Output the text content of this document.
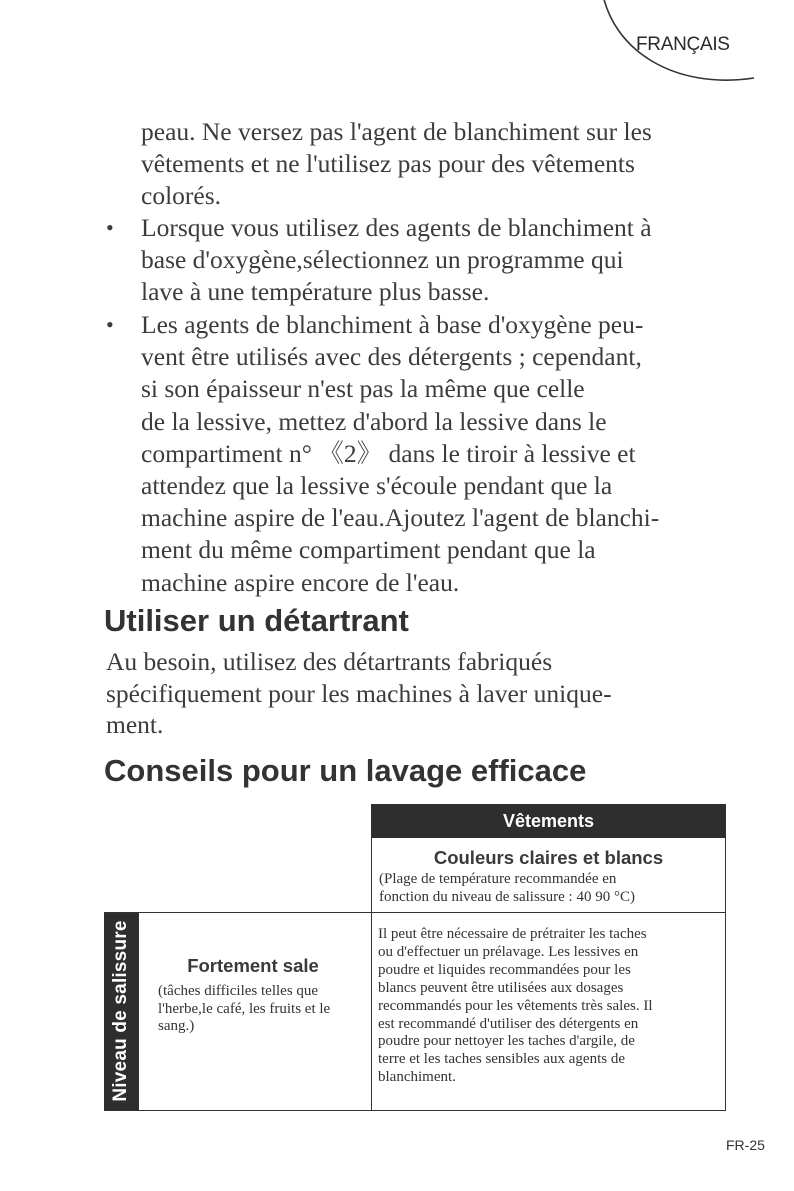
FRANÇAIS
peau. Ne versez pas l'agent de blanchiment sur les
vêtements et ne l'utilisez pas pour des vêtements
colorés.
• Lorsque vous utilisez des agents de blanchiment à
base d'oxygène,sélectionnez un programme qui
lave à une température plus basse.
• Les agents de blanchiment à base d'oxygène peu-
vent être utilisés avec des détergents ; cependant,
si son épaisseur n'est pas la même que celle
de la lessive, mettez d'abord la lessive dans le
compartiment n° 《2》 dans le tiroir à lessive et
attendez que la lessive s'écoule pendant que la
machine aspire de l'eau.Ajoutez l'agent de blanchi-
ment du même compartiment pendant que la
machine aspire encore de l'eau.
Utiliser un détartrant
Au besoin, utilisez des détartrants fabriqués
spécifiquement pour les machines à laver unique-
ment.
Conseils pour un lavage efficace
Vêtements
Couleurs claires et blancs
(Plage de température recommandée en
fonction du niveau de salissure : 40 90 °C)
Niveau de salissure	Fortement sale
(tâches difficiles telles que
l'herbe,le café, les fruits et le
sang.)
Il peut être nécessaire de prétraiter les taches
ou d'effectuer un prélavage. Les lessives en
poudre et liquides recommandées pour les
blancs peuvent être utilisées aux dosages
recommandés pour les vêtements très sales. Il
est recommandé d'utiliser des détergents en
poudre pour nettoyer les taches d'argile, de
terre et les taches sensibles aux agents de
blanchiment.
FR-25
